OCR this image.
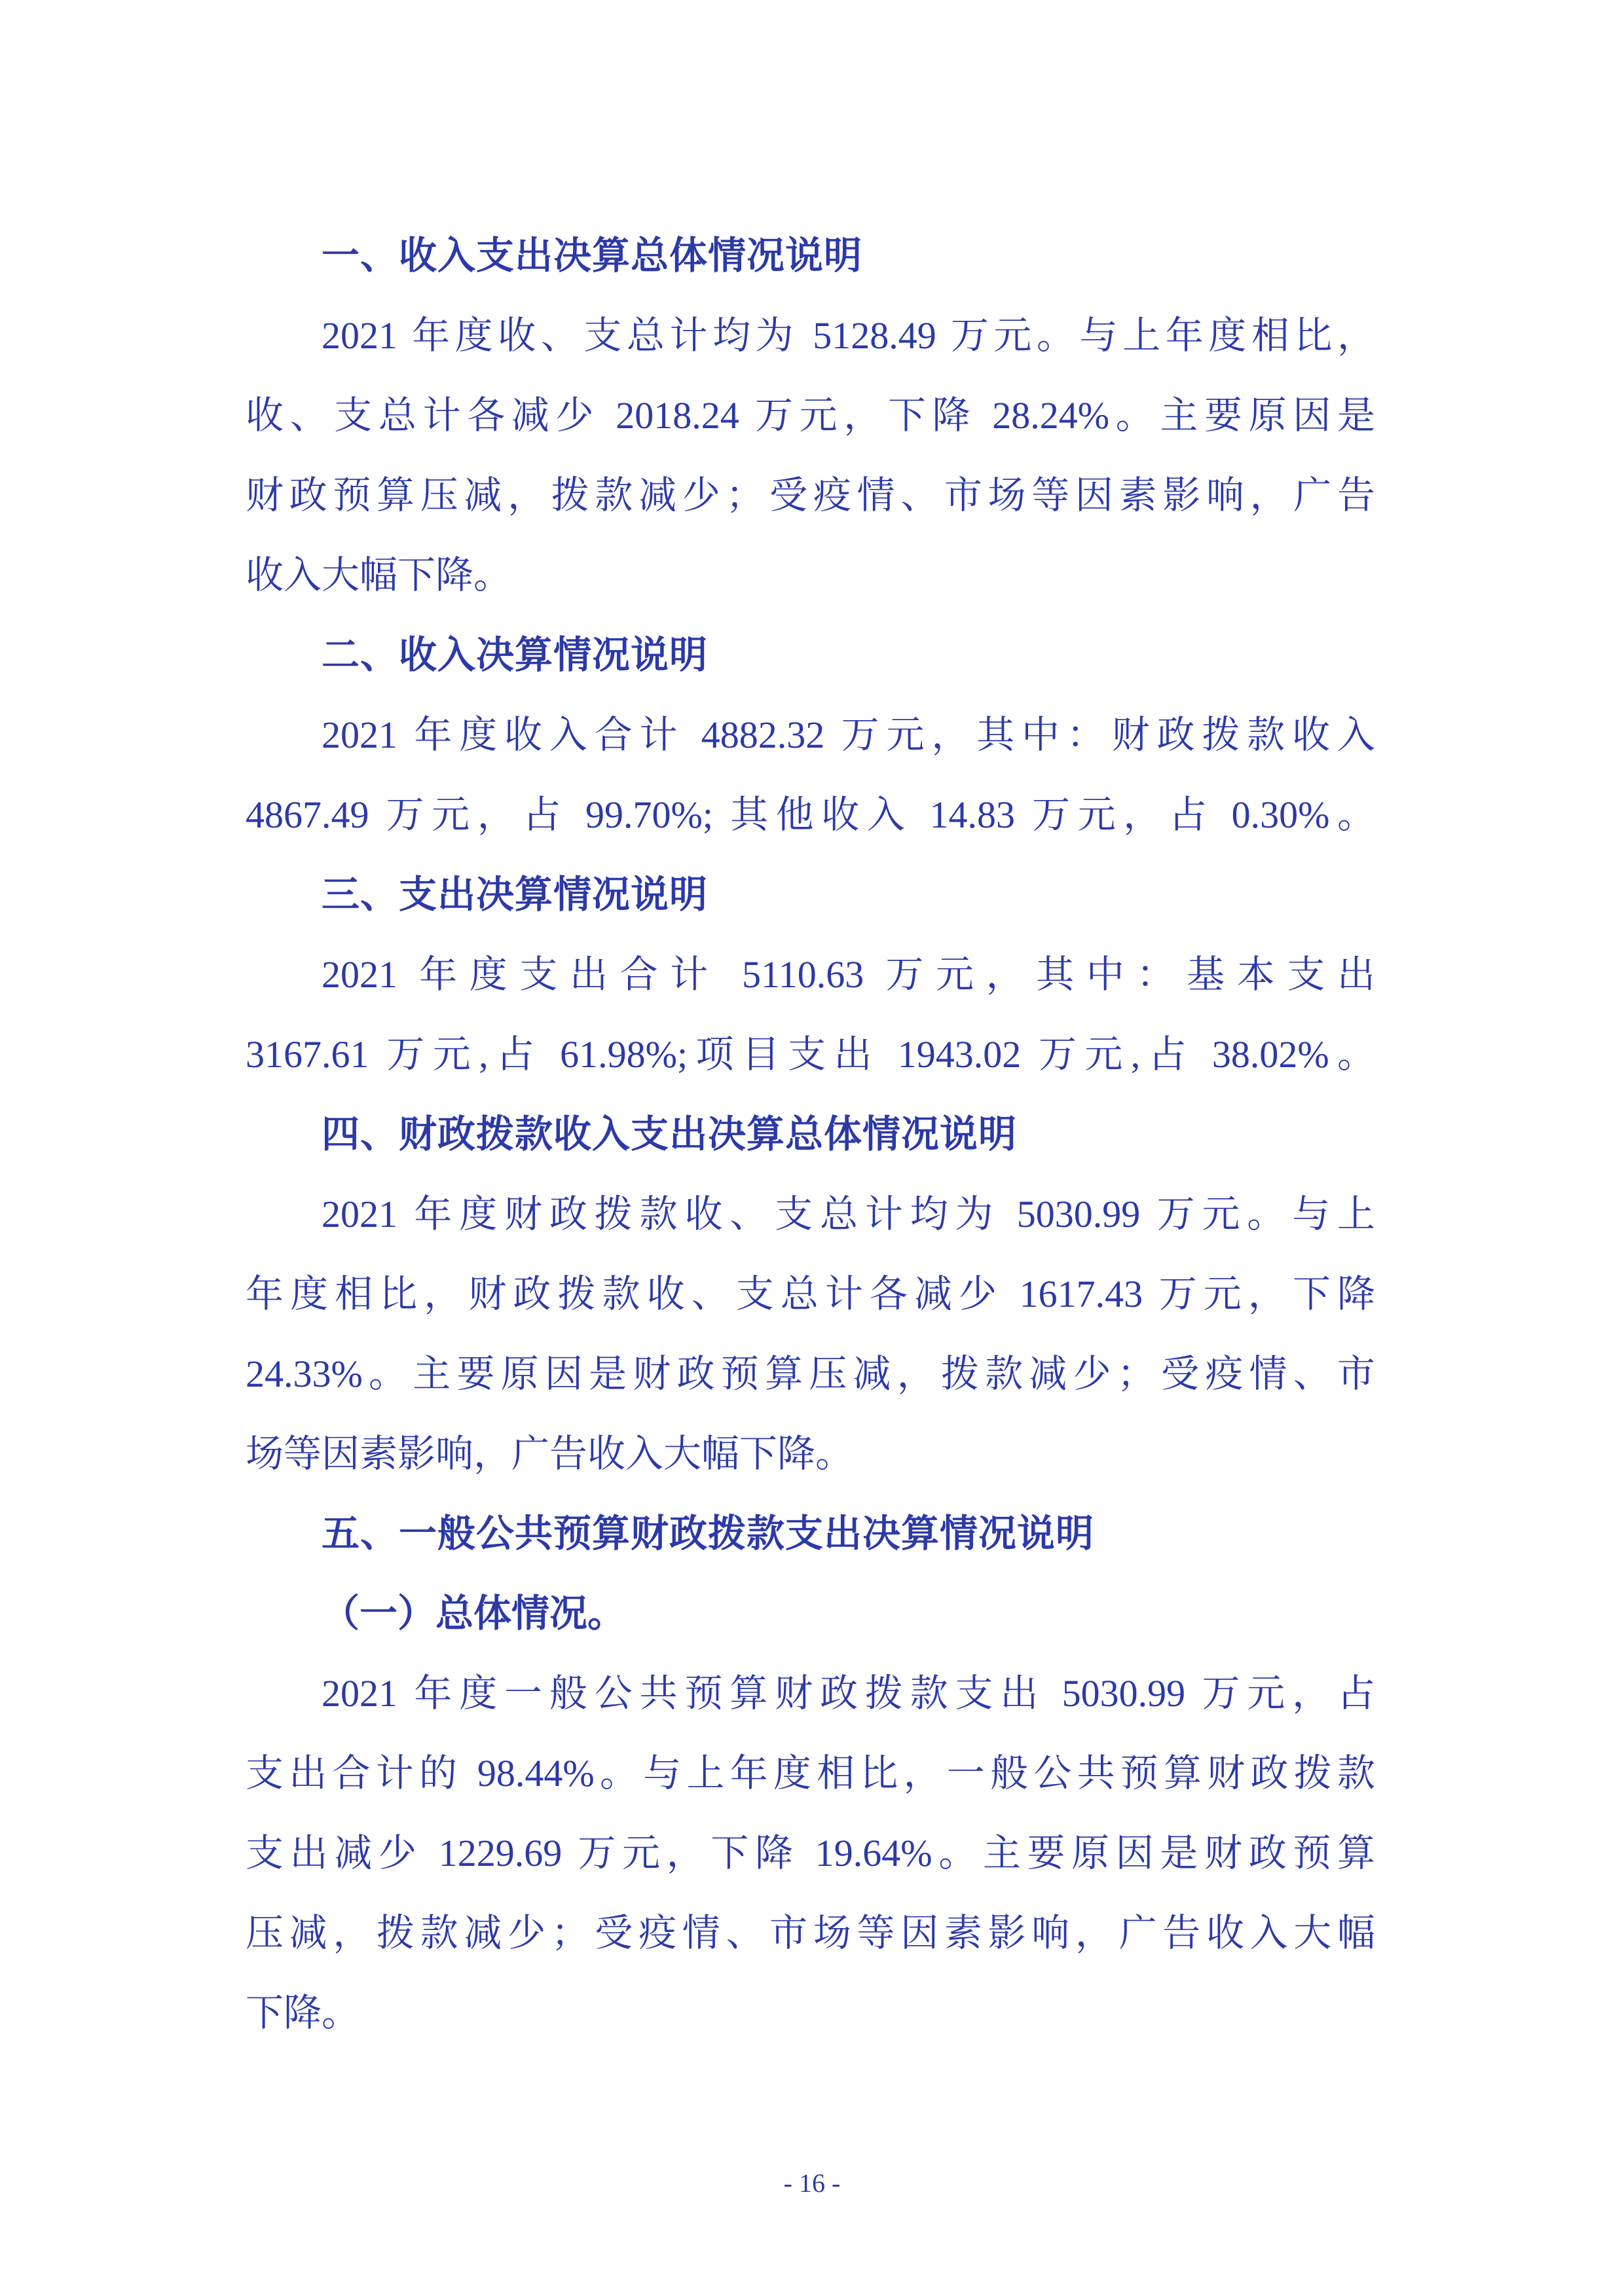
一、收入支出决算总体情况说明
2021 年度收、支总计均为 5128.49 万元。与上年度相比，
收、支总计各减少 2018.24 万元，下降 28.24%。主要原因是
财政预算压减，拨款减少；受疫情、市场等因素影响，广告
收入大幅下降。
二、收入决算情况说明
2021 年度收入合计 4882.32 万元，其中：财政拨款收入
4867.49 万元，占 99.70%; 其他收入 14.83 万元，占 0.30%。
三、支出决算情况说明
2021 年度支出合计 5110.63 万元，其中：基本支出
3167.61 万元,占 61.98%;项目支出 1943.02 万元,占 38.02%。
四、财政拨款收入支出决算总体情况说明
2021 年度财政拨款收、支总计均为 5030.99 万元。与上
年度相比，财政拨款收、支总计各减少 1617.43 万元，下降
24.33%。主要原因是财政预算压减，拨款减少；受疫情、市
场等因素影响，广告收入大幅下降。
五、一般公共预算财政拨款支出决算情况说明
（一）总体情况。
2021 年度一般公共预算财政拨款支出 5030.99 万元，占
支出合计的 98.44%。与上年度相比，一般公共预算财政拨款
支出减少 1229.69 万元，下降 19.64%。主要原因是财政预算
压减，拨款减少；受疫情、市场等因素影响，广告收入大幅
下降。
- 16 -
